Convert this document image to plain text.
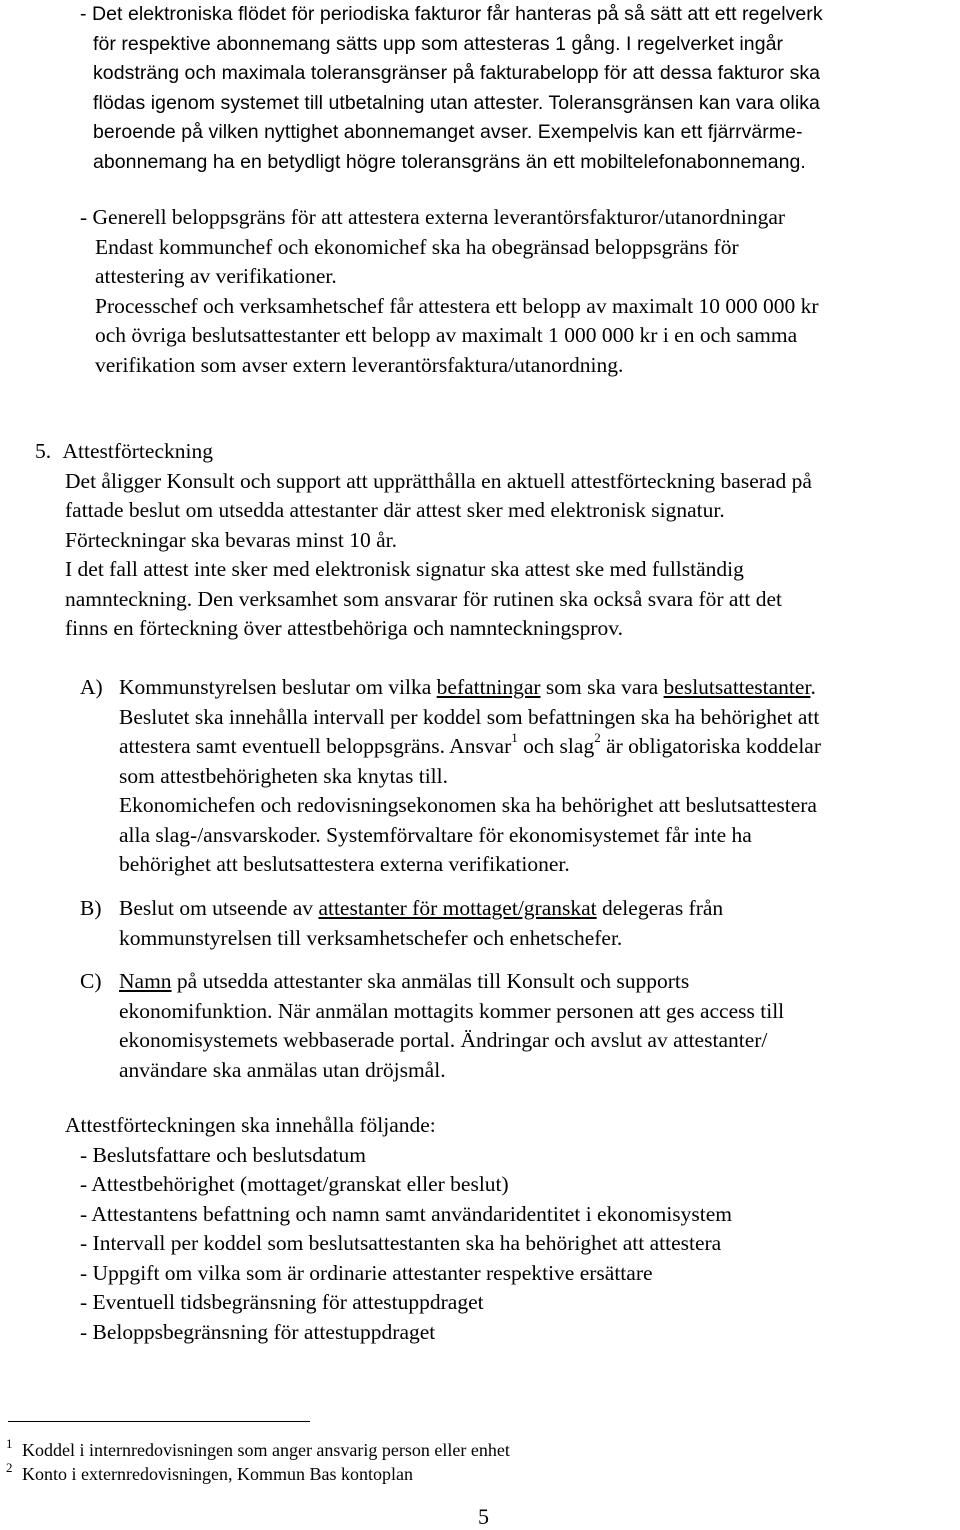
- Det elektroniska flödet för periodiska fakturor får hanteras på så sätt att ett regelverk
för respektive abonnemang sätts upp som attesteras 1 gång. I regelverket ingår
kodsträng och maximala toleransgränser på fakturabelopp för att dessa fakturor ska
flödas igenom systemet till utbetalning utan attester. Toleransgränsen kan vara olika
beroende på vilken nyttighet abonnemanget avser. Exempelvis kan ett fjärrvärme-
abonnemang ha en betydligt högre toleransgräns än ett mobiltelefonabonnemang.
- Generell beloppsgräns för att attestera externa leverantörsfakturor/utanordningar
Endast kommunchef och ekonomichef ska ha obegränsad beloppsgräns för
attestering av verifikationer.
Processchef och verksamhetschef får attestera ett belopp av maximalt 10 000 000 kr
och övriga beslutsattestanter ett belopp av maximalt 1 000 000 kr i en och samma
verifikation som avser extern leverantörsfaktura/utanordning.
5. Attestförteckning
Det åligger Konsult och support att upprätthålla en aktuell attestförteckning baserad på
fattade beslut om utsedda attestanter där attest sker med elektronisk signatur.
Förteckningar ska bevaras minst 10 år.
I det fall attest inte sker med elektronisk signatur ska attest ske med fullständig
namnteckning. Den verksamhet som ansvarar för rutinen ska också svara för att det
finns en förteckning över attestbehöriga och namnteckningsprov.
A) Kommunstyrelsen beslutar om vilka befattningar som ska vara beslutsattestanter.
Beslutet ska innehålla intervall per koddel som befattningen ska ha behörighet att
attestera samt eventuell beloppsgräns. Ansvar$^1$ och slag$^2$ är obligatoriska koddelar
som attestbehörigheten ska knytas till.
Ekonomichefen och redovisningsekonomen ska ha behörighet att beslutsattestera
alla slag-/ansvarskoder. Systemförvaltare för ekonomisystemet får inte ha
behörighet att beslutsattestera externa verifikationer.
B) Beslut om utseende av attestanter för mottaget/granskat delegeras från
kommunstyrelsen till verksamhetschefer och enhetschefer.
C) Namn på utsedda attestanter ska anmälas till Konsult och supports
ekonomifunktion. När anmälan mottagits kommer personen att ges access till
ekonomisystemets webbaserade portal. Ändringar och avslut av attestanter/
användare ska anmälas utan dröjsmål.
Attestförteckningen ska innehålla följande:
- Beslutsfattare och beslutsdatum
- Attestbehörighet (mottaget/granskat eller beslut)
- Attestantens befattning och namn samt användaridentitet i ekonomisystem
- Intervall per koddel som beslutsattestanten ska ha behörighet att attestera
- Uppgift om vilka som är ordinarie attestanter respektive ersättare
- Eventuell tidsbegränsning för attestuppdraget
- Beloppsbegränsning för attestuppdraget
1 Koddel i internredovisningen som anger ansvarig person eller enhet
2 Konto i externredovisningen, Kommun Bas kontoplan
5
